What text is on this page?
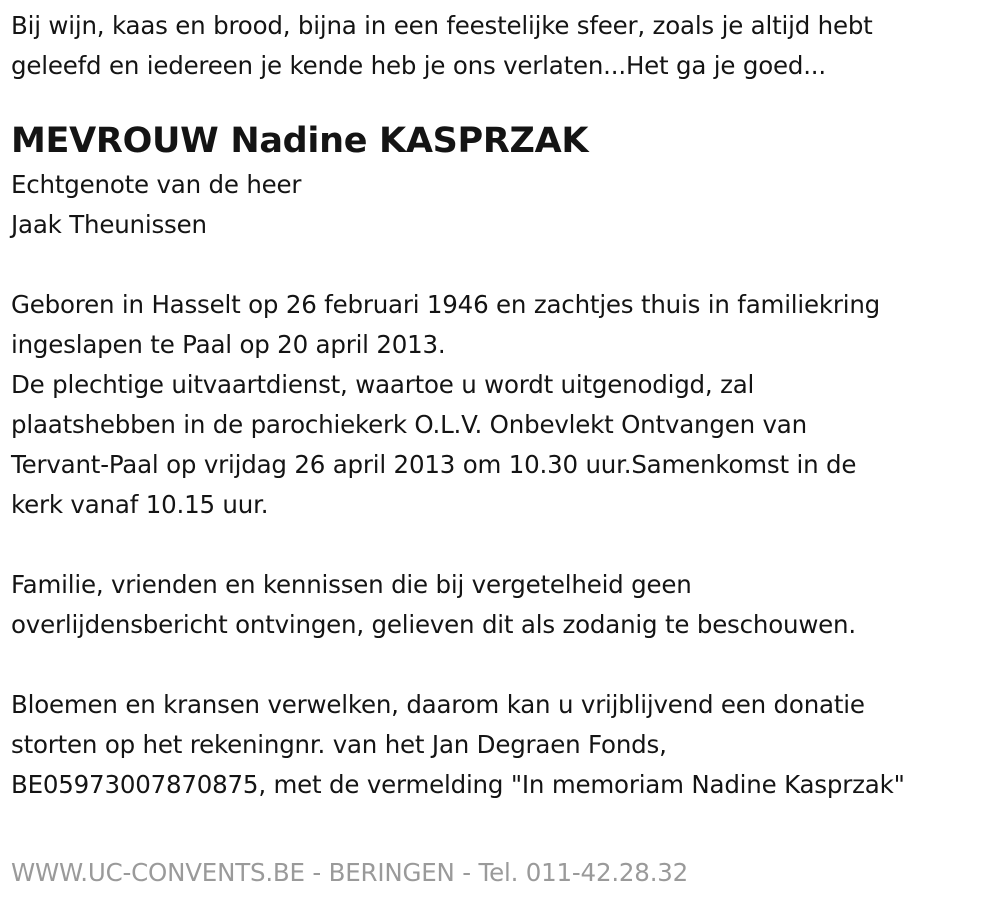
Bij wijn, kaas en brood, bijna in een feestelijke sfeer, zoals je altijd hebt
geleefd en iedereen je kende heb je ons verlaten...Het ga je goed...
MEVROUW Nadine KASPRZAK
Echtgenote van de heer
Jaak Theunissen
Geboren in Hasselt op 26 februari 1946 en zachtjes thuis in familiekring
ingeslapen te Paal op 20 april 2013.
De plechtige uitvaartdienst, waartoe u wordt uitgenodigd, zal
plaatshebben in de parochiekerk O.L.V. Onbevlekt Ontvangen van
Tervant-Paal op vrijdag 26 april 2013 om 10.30 uur.Samenkomst in de
kerk vanaf 10.15 uur.
Familie, vrienden en kennissen die bij vergetelheid geen
overlijdensbericht ontvingen, gelieven dit als zodanig te beschouwen.
Bloemen en kransen verwelken, daarom kan u vrijblijvend een donatie
storten op het rekeningnr. van het Jan Degraen Fonds,
BE05973007870875, met de vermelding "In memoriam Nadine Kasprzak"
WWW.UC-CONVENTS.BE - BERINGEN - Tel. 011-42.28.32
